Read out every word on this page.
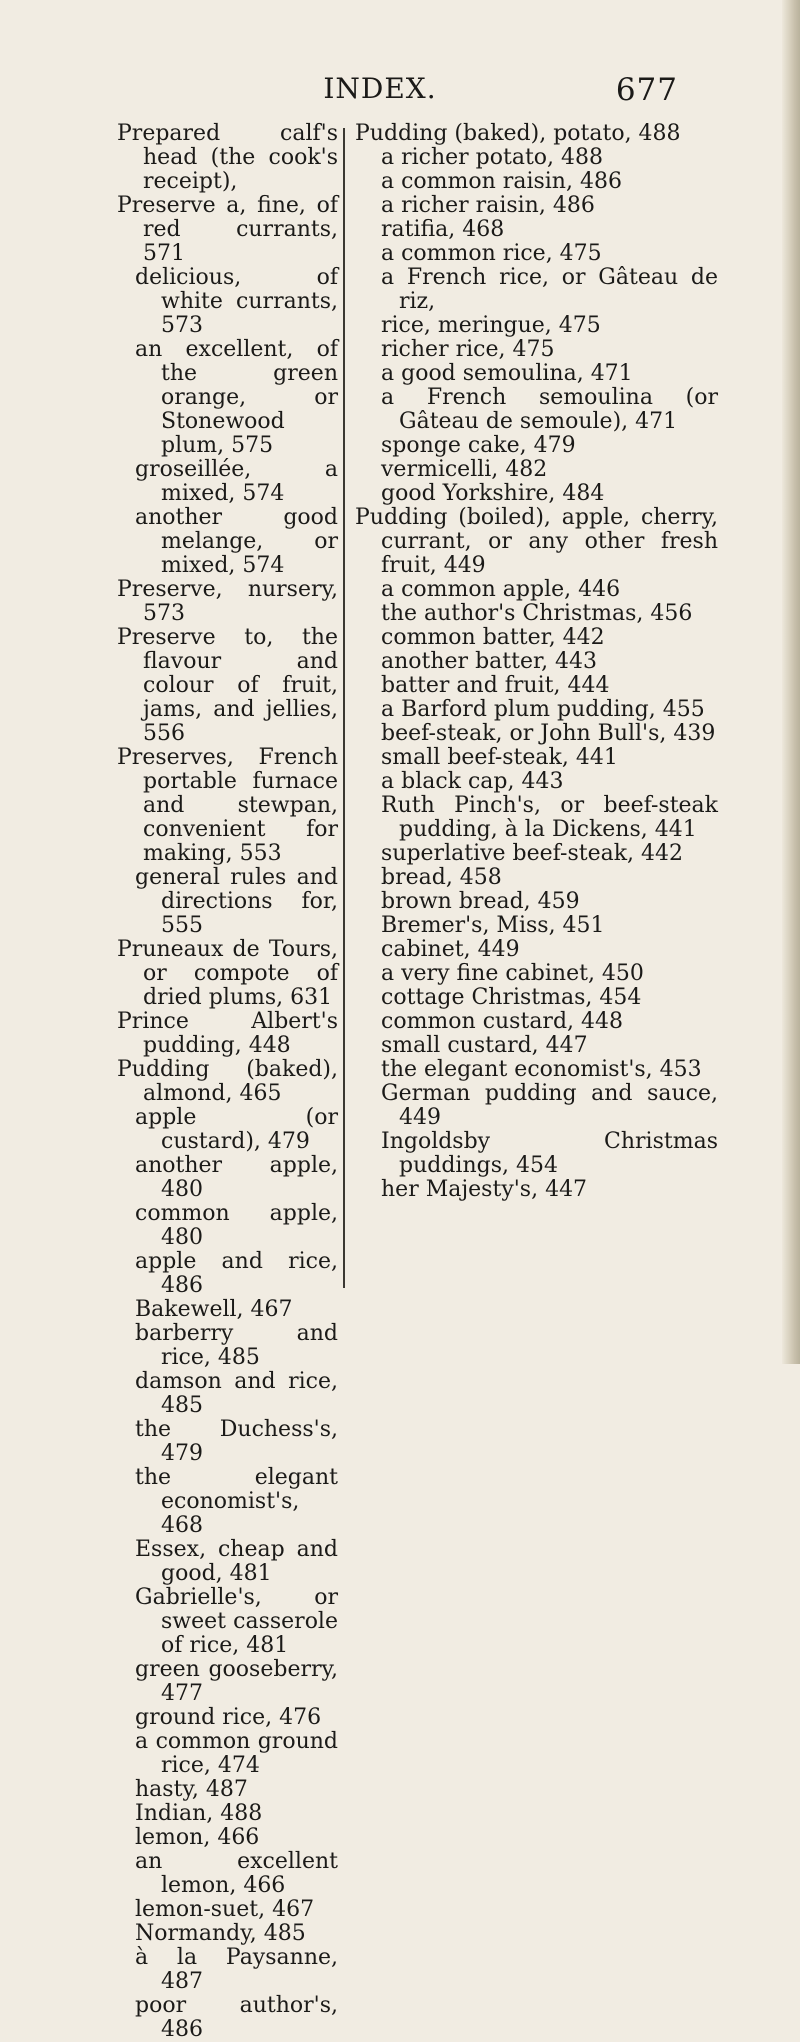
INDEX.	677

Prepared calf's head (the cook's receipt),

Preserve a, fine, of red currants, 571

delicious, of white currants, 573

an excellent, of the green orange, or Stonewood plum, 575

groseillée, a mixed, 574

another good melange, or mixed, 574

Preserve, nursery, 573

Preserve to, the flavour and colour of fruit, jams, and jellies, 556

Preserves, French portable furnace and stewpan, convenient for making, 553

general rules and directions for, 555

Pruneaux de Tours, or compote of dried plums, 631

Prince Albert's pudding, 448

Pudding (baked), almond, 465

apple (or custard), 479

another apple, 480

common apple, 480

apple and rice, 486

Bakewell, 467

barberry and rice, 485

damson and rice, 485

the Duchess's, 479

the elegant economist's, 468

Essex, cheap and good, 481

Gabrielle's, or sweet casserole of rice, 481

green gooseberry, 477

ground rice, 476

a common ground rice, 474

hasty, 487

Indian, 488

lemon, 466

an excellent lemon, 466

lemon-suet, 467

Normandy, 485

à la Paysanne, 487

poor author's, 486

Pudding (baked), potato, 488

a richer potato, 488

a common raisin, 486

a richer raisin, 486

ratifia, 468

a common rice, 475

a French rice, or Gâteau de riz,

rice, meringue, 475

richer rice, 475

a good semoulina, 471

a French semoulina (or Gâteau de semoule), 471

sponge cake, 479

vermicelli, 482

good Yorkshire, 484

Pudding (boiled), apple, cherry, currant, or any other fresh fruit, 449

a common apple, 446

the author's Christmas, 456

common batter, 442

another batter, 443

batter and fruit, 444

a Barford plum pudding, 455

beef-steak, or John Bull's, 439

small beef-steak, 441

a black cap, 443

Ruth Pinch's, or beef-steak pudding, à la Dickens, 441

superlative beef-steak, 442

bread, 458

brown bread, 459

Bremer's, Miss, 451

cabinet, 449

a very fine cabinet, 450

cottage Christmas, 454

common custard, 448

small custard, 447

the elegant economist's, 453

German pudding and sauce, 449

Ingoldsby Christmas puddings, 454

her Majesty's, 447
